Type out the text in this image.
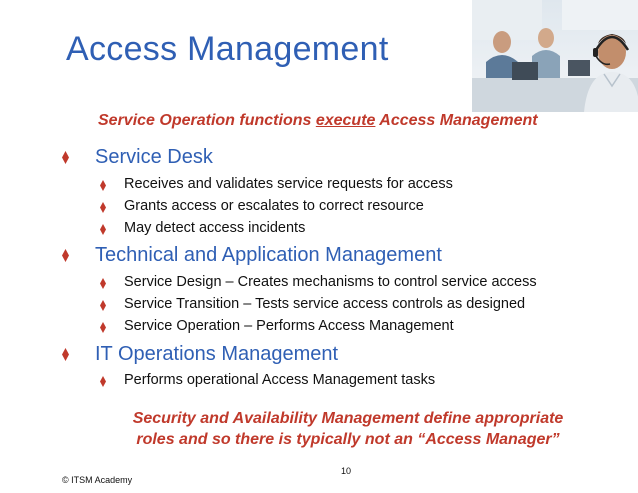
Access Management
Service Operation functions execute Access Management
Service Desk
Receives and validates service requests for access
Grants access or escalates to correct resource
May detect access incidents
Technical and Application Management
Service Design – Creates mechanisms to control service access
Service Transition – Tests service access controls as designed
Service Operation – Performs Access Management
IT Operations Management
Performs operational Access Management tasks
Security and Availability Management define appropriate
roles and so there is typically not an “Access Manager”
© ITSM Academy
10
